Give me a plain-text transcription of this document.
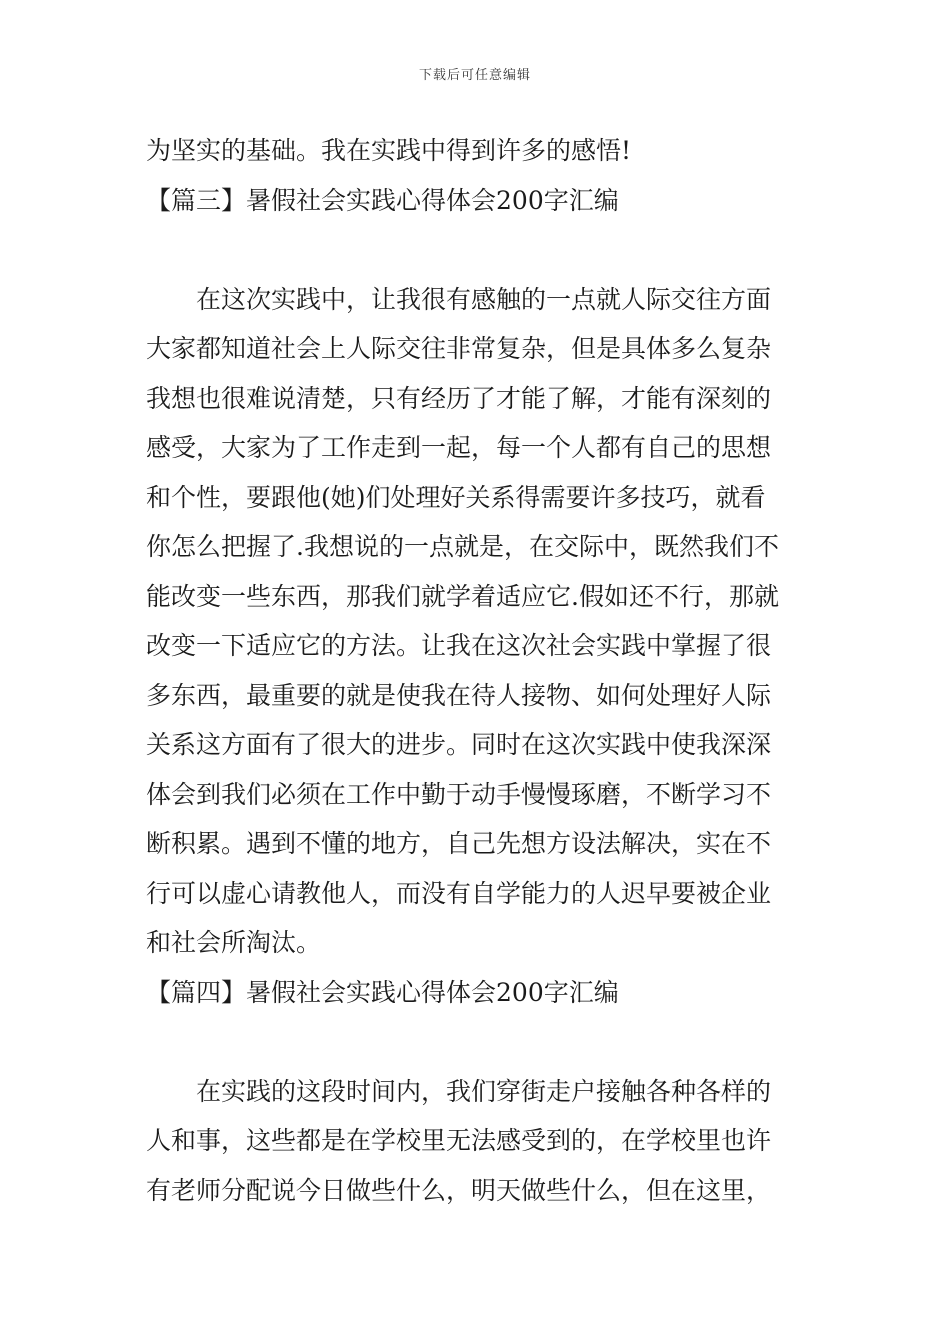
下载后可任意编辑
为坚实的基础。我在实践中得到许多的感悟!
【篇三】暑假社会实践心得体会200字汇编
在这次实践中，让我很有感触的一点就人际交往方面
大家都知道社会上人际交往非常复杂，但是具体多么复杂
我想也很难说清楚，只有经历了才能了解，才能有深刻的
感受，大家为了工作走到一起，每一个人都有自己的思想
和个性，要跟他(她)们处理好关系得需要许多技巧，就看
你怎么把握了.我想说的一点就是，在交际中，既然我们不
能改变一些东西，那我们就学着适应它.假如还不行，那就
改变一下适应它的方法。让我在这次社会实践中掌握了很
多东西，最重要的就是使我在待人接物、如何处理好人际
关系这方面有了很大的进步。同时在这次实践中使我深深
体会到我们必须在工作中勤于动手慢慢琢磨，不断学习不
断积累。遇到不懂的地方，自己先想方设法解决，实在不
行可以虚心请教他人，而没有自学能力的人迟早要被企业
和社会所淘汰。
【篇四】暑假社会实践心得体会200字汇编
在实践的这段时间内，我们穿街走户接触各种各样的
人和事，这些都是在学校里无法感受到的，在学校里也许
有老师分配说今日做些什么，明天做些什么，但在这里，
